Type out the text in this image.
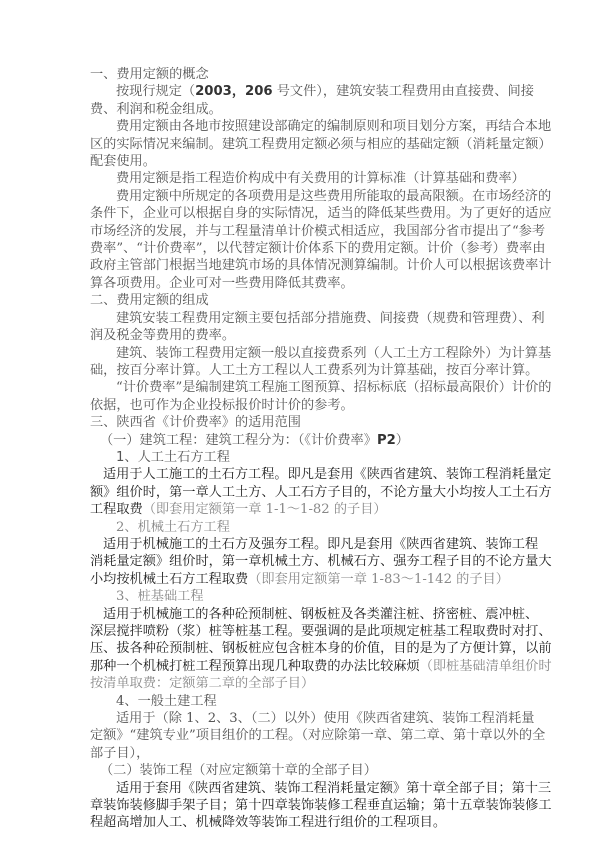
一、费用定额的概念

按现行规定（2003，206 号文件），建筑安装工程费用由直接费、间接

费、利润和税金组成。

费用定额由各地市按照建设部确定的编制原则和项目划分方案，再结合本地

区的实际情况来编制。建筑工程费用定额必须与相应的基础定额（消耗量定额）

配套使用。

费用定额是指工程造价构成中有关费用的计算标准（计算基础和费率）

费用定额中所规定的各项费用是这些费用所能取的最高限额。在市场经济的

条件下，企业可以根据自身的实际情况，适当的降低某些费用。为了更好的适应

市场经济的发展，并与工程量清单计价模式相适应，我国部分省市提出了“参考

费率”、“计价费率”，以代替定额计价体系下的费用定额。计价（参考）费率由

政府主管部门根据当地建筑市场的具体情况测算编制。计价人可以根据该费率计

算各项费用。企业可对一些费用降低其费率。

二、费用定额的组成

建筑安装工程费用定额主要包括部分措施费、间接费（规费和管理费）、利

润及税金等费用的费率。

建筑、装饰工程费用定额一般以直接费系列（人工土方工程除外）为计算基

础，按百分率计算。人工土方工程以人工费系列为计算基础，按百分率计算。

“计价费率”是编制建筑工程施工图预算、招标标底（招标最高限价）计价的

依据，也可作为企业投标报价时计价的参考。

三、陕西省《计价费率》的适用范围

（一）建筑工程：建筑工程分为：（《计价费率》P2）

1、人工土石方工程

适用于人工施工的土石方工程。即凡是套用《陕西省建筑、装饰工程消耗量定

额》组价时，第一章人工土方、人工石方子目的，不论方量大小均按人工土石方

工程取费（即套用定额第一章 1-1～1-82 的子目）

2、机械土石方工程

适用于机械施工的土石方及强夯工程。即凡是套用《陕西省建筑、装饰工程

消耗量定额》组价时，第一章机械土方、机械石方、强夯工程子目的不论方量大

小均按机械土石方工程取费（即套用定额第一章 1-83～1-142 的子目）

3、桩基础工程

适用于机械施工的各种砼预制桩、钢板桩及各类灌注桩、挤密桩、震冲桩、

深层搅拌喷粉（浆）桩等桩基工程。要强调的是此项规定桩基工程取费时对打、

压、拔各种砼预制桩、钢板桩应包含桩本身的价值，目的是为了方便计算，以前

那种一个机械打桩工程预算出现几种取费的办法比较麻烦（即桩基础清单组价时

按清单取费：定额第二章的全部子目）

4、一般土建工程

适用于（除 1、2、3、（二）以外）使用《陕西省建筑、装饰工程消耗量

定额》“建筑专业”项目组价的工程。（对应除第一章、第二章、第十章以外的全

部子目），

（二）装饰工程（对应定额第十章的全部子目）

适用于套用《陕西省建筑、装饰工程消耗量定额》第十章全部子目；第十三

章装饰装修脚手架子目；第十四章装饰装修工程垂直运输；第十五章装饰装修工

程超高增加人工、机械降效等装饰工程进行组价的工程项目。
